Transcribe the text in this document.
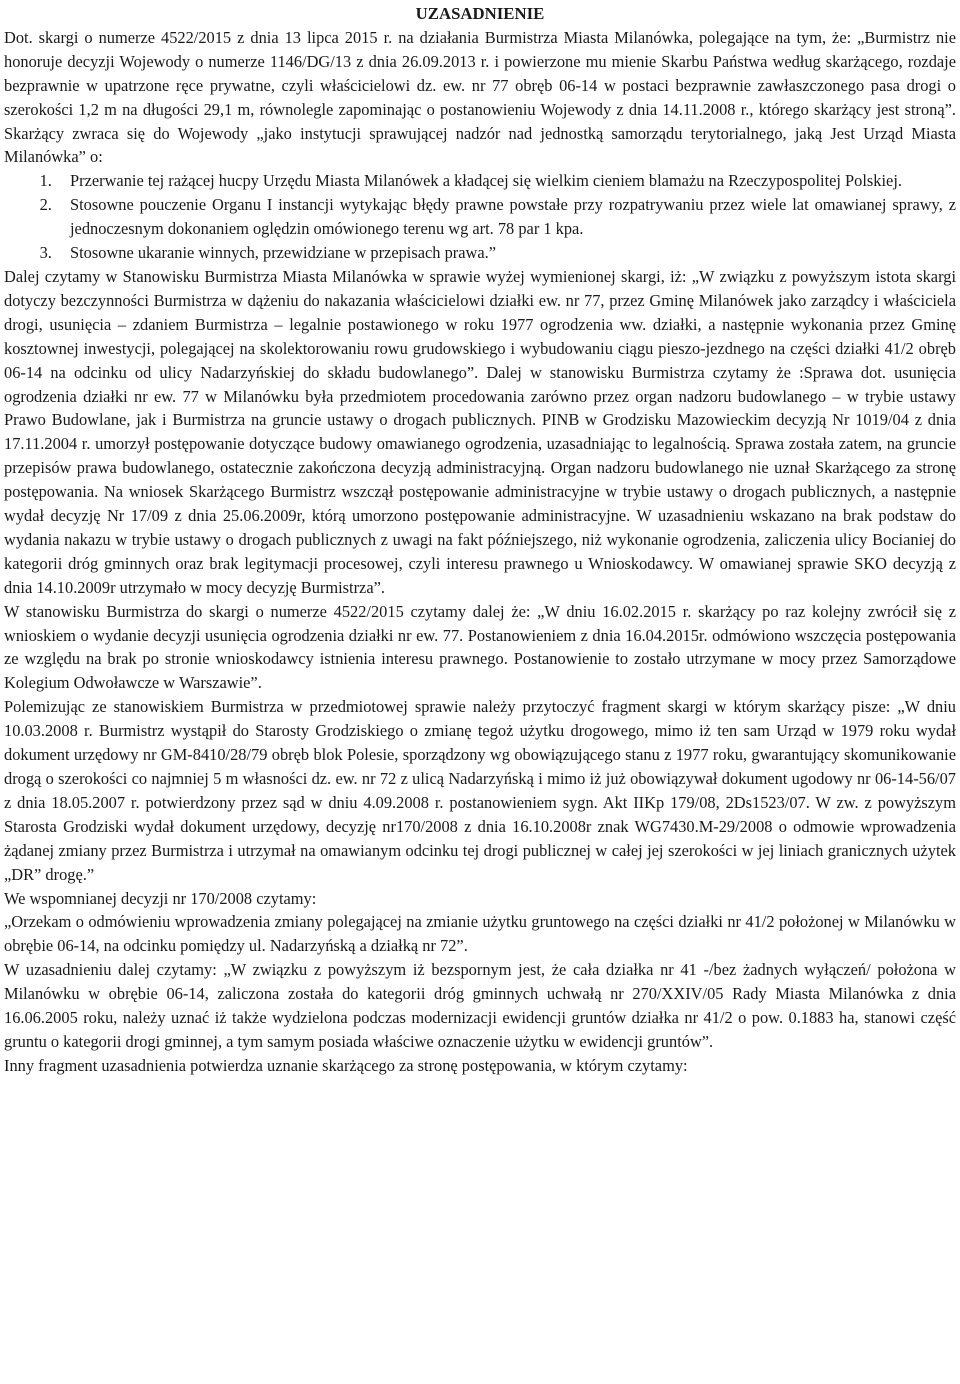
UZASADNIENIE

Dot. skargi o numerze 4522/2015 z dnia 13 lipca 2015 r. na działania Burmistrza Miasta Milanówka, polegające na tym, że: „Burmistrz nie honoruje decyzji Wojewody o numerze 1146/DG/13 z dnia 26.09.2013 r. i powierzone mu mienie Skarbu Państwa według skarżącego, rozdaje bezprawnie w upatrzone ręce prywatne, czyli właścicielowi dz. ew. nr 77 obręb 06-14 w postaci bezprawnie zawłaszczonego pasa drogi o szerokości 1,2 m na długości 29,1 m, równolegle zapominając o postanowieniu Wojewody z dnia 14.11.2008 r., którego skarżący jest stroną”. Skarżący zwraca się do Wojewody „jako instytucji sprawującej nadzór nad jednostką samorządu terytorialnego, jaką Jest Urząd Miasta Milanówka” o:

1. Przerwanie tej rażącej hucpy Urzędu Miasta Milanówek a kładącej się wielkim cieniem blamażu na Rzeczypospolitej Polskiej.
2. Stosowne pouczenie Organu I instancji wytykając błędy prawne powstałe przy rozpatrywaniu przez wiele lat omawianej sprawy, z jednoczesnym dokonaniem oględzin omówionego terenu wg art. 78 par 1 kpa.
3. Stosowne ukaranie winnych, przewidziane w przepisach prawa.”

Dalej czytamy w Stanowisku Burmistrza Miasta Milanówka w sprawie wyżej wymienionej skargi, iż: „W związku z powyższym istota skargi dotyczy bezczynności Burmistrza w dążeniu do nakazania właścicielowi działki ew. nr 77, przez Gminę Milanówek jako zarządcy i właściciela drogi, usunięcia – zdaniem Burmistrza – legalnie postawionego w roku 1977 ogrodzenia ww. działki, a następnie wykonania przez Gminę kosztownej inwestycji, polegającej na skolektorowaniu rowu grudowskiego i wybudowaniu ciągu pieszo-jezdnego na części działki 41/2 obręb 06-14 na odcinku od ulicy Nadarzyńskiej do składu budowlanego”. Dalej w stanowisku Burmistrza czytamy że :Sprawa dot. usunięcia ogrodzenia działki nr ew. 77 w Milanówku była przedmiotem procedowania zarówno przez organ nadzoru budowlanego – w trybie ustawy Prawo Budowlane, jak i Burmistrza na gruncie ustawy o drogach publicznych. PINB w Grodzisku Mazowieckim decyzją Nr 1019/04 z dnia 17.11.2004 r. umorzył postępowanie dotyczące budowy omawianego ogrodzenia, uzasadniając to legalnością. Sprawa została zatem, na gruncie przepisów prawa budowlanego, ostatecznie zakończona decyzją administracyjną. Organ nadzoru budowlanego nie uznał Skarżącego za stronę postępowania. Na wniosek Skarżącego Burmistrz wszczął postępowanie administracyjne w trybie ustawy o drogach publicznych, a następnie wydał decyzję Nr 17/09 z dnia 25.06.2009r, którą umorzono postępowanie administracyjne. W uzasadnieniu wskazano na brak podstaw do wydania nakazu w trybie ustawy o drogach publicznych z uwagi na fakt późniejszego, niż wykonanie ogrodzenia, zaliczenia ulicy Bocianiej do kategorii dróg gminnych oraz brak legitymacji procesowej, czyli interesu prawnego u Wnioskodawcy. W omawianej sprawie SKO decyzją z dnia 14.10.2009r utrzymało w mocy decyzję Burmistrza”.

W stanowisku Burmistrza do skargi o numerze 4522/2015 czytamy dalej że: „W dniu 16.02.2015 r. skarżący po raz kolejny zwrócił się z wnioskiem o wydanie decyzji usunięcia ogrodzenia działki nr ew. 77. Postanowieniem z dnia 16.04.2015r. odmówiono wszczęcia postępowania ze względu na brak po stronie wnioskodawcy istnienia interesu prawnego. Postanowienie to zostało utrzymane w mocy przez Samorządowe Kolegium Odwoławcze w Warszawie”.

Polemizując ze stanowiskiem Burmistrza w przedmiotowej sprawie należy przytoczyć fragment skargi w którym skarżący pisze: „W dniu 10.03.2008 r. Burmistrz wystąpił do Starosty Grodziskiego o zmianę tegoż użytku drogowego, mimo iż ten sam Urząd w 1979 roku wydał dokument urzędowy nr GM-8410/28/79 obręb blok Polesie, sporządzony wg obowiązującego stanu z 1977 roku, gwarantujący skomunikowanie drogą o szerokości co najmniej 5 m własności dz. ew. nr 72 z ulicą Nadarzyńską i mimo iż już obowiązywał dokument ugodowy nr 06-14-56/07 z dnia 18.05.2007 r. potwierdzony przez sąd w dniu 4.09.2008 r. postanowieniem sygn. Akt IIKp 179/08, 2Ds1523/07. W zw. z powyższym Starosta Grodziski wydał dokument urzędowy, decyzję nr170/2008 z dnia 16.10.2008r znak WG7430.M-29/2008 o odmowie wprowadzenia żądanej zmiany przez Burmistrza i utrzymał na omawianym odcinku tej drogi publicznej w całej jej szerokości w jej liniach granicznych użytek „DR” drogę.”

We wspomnianej decyzji nr 170/2008 czytamy:

„Orzekam o odmówieniu wprowadzenia zmiany polegającej na zmianie użytku gruntowego na części działki nr 41/2 położonej w Milanówku w obrębie 06-14, na odcinku pomiędzy ul. Nadarzyńską a działką nr 72”.

W uzasadnieniu dalej czytamy: „W związku z powyższym iż bezspornym jest, że cała działka nr 41 -/bez żadnych wyłączeń/ położona w Milanówku w obrębie 06-14, zaliczona została do kategorii dróg gminnych uchwałą nr 270/XXIV/05 Rady Miasta Milanówka z dnia 16.06.2005 roku, należy uznać iż także wydzielona podczas modernizacji ewidencji gruntów działka nr 41/2 o pow. 0.1883 ha, stanowi część gruntu o kategorii drogi gminnej, a tym samym posiada właściwe oznaczenie użytku w ewidencji gruntów”.

Inny fragment uzasadnienia potwierdza uznanie skarżącego za stronę postępowania, w którym czytamy:
